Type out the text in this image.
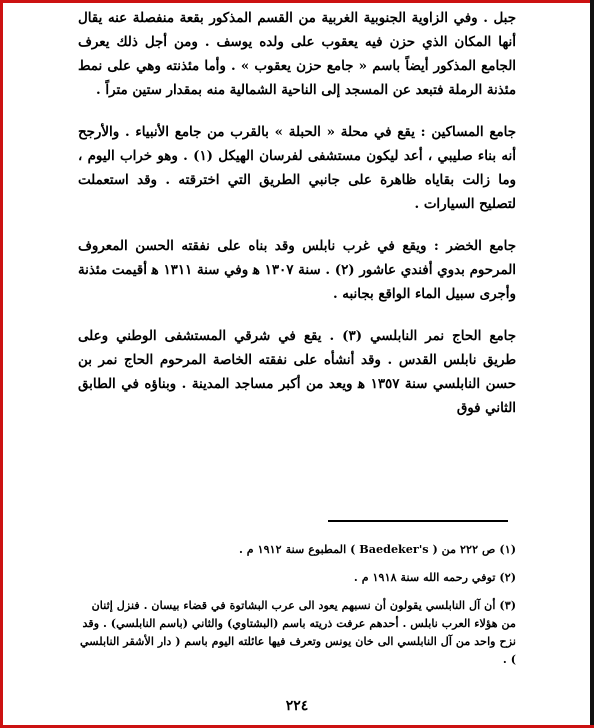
جبل . وفي الزاوية الجنوبية الغربية من القسم المذكور بقعة منفصلة عنه يقال أنها المكان الذي حزن فيه يعقوب على ولده يوسف . ومن أجل ذلك يعرف الجامع المذكور أيضاً باسم « جامع حزن يعقوب » . وأما مئذنته وهي على نمط مئذنة الرملة فتبعد عن المسجد إلى الناحية الشمالية منه بمقدار ستين متراً .

جامع المساكين : يقع في محلة « الحبلة » بالقرب من جامع الأنبياء . والأرجح أنه بناء صليبي ، أعد ليكون مستشفى لفرسان الهيكل (١) . وهو خراب اليوم ، وما زالت بقاياه ظاهرة على جانبي الطريق التي اخترقته . وقد استعملت لتصليح السيارات .

جامع الخضر : ويقع في غرب نابلس وقد بناه على نفقته الحسن المعروف المرحوم بدوي أفندي عاشور (٢) . سنة ١٣٠٧ ﻫ وفي سنة ١٣١١ ﻫ أقيمت مئذنة وأجرى سبيل الماء الواقع بجانبه .

جامع الحاج نمر النابلسي (٣) . يقع في شرقي المستشفى الوطني وعلى طريق نابلس القدس . وقد أنشأه على نفقته الخاصة المرحوم الحاج نمر بن حسن النابلسي سنة ١٣٥٧ ﻫ ويعد من أكبر مساجد المدينة . وبناؤه في الطابق الثاني فوق

(١) ص ٢٢٢ من ( Baedeker's ) المطبوع سنة ١٩١٢ م .

(٢) توفي رحمه الله سنة ١٩١٨ م .

(٣) أن آل النابلسي يقولون أن نسبهم يعود الى عرب البشاتوة في قضاء بيسان . فنزل إثنان من هؤلاء العرب نابلس . أحدهم عرفت ذريته باسم (البشتاوي) والثاني (باسم النابلسي) . وقد نزح واحد من آل النابلسي الى خان يونس وتعرف فيها عائلته اليوم باسم ( دار الأشقر النابلسي ) .

٢٢٤
